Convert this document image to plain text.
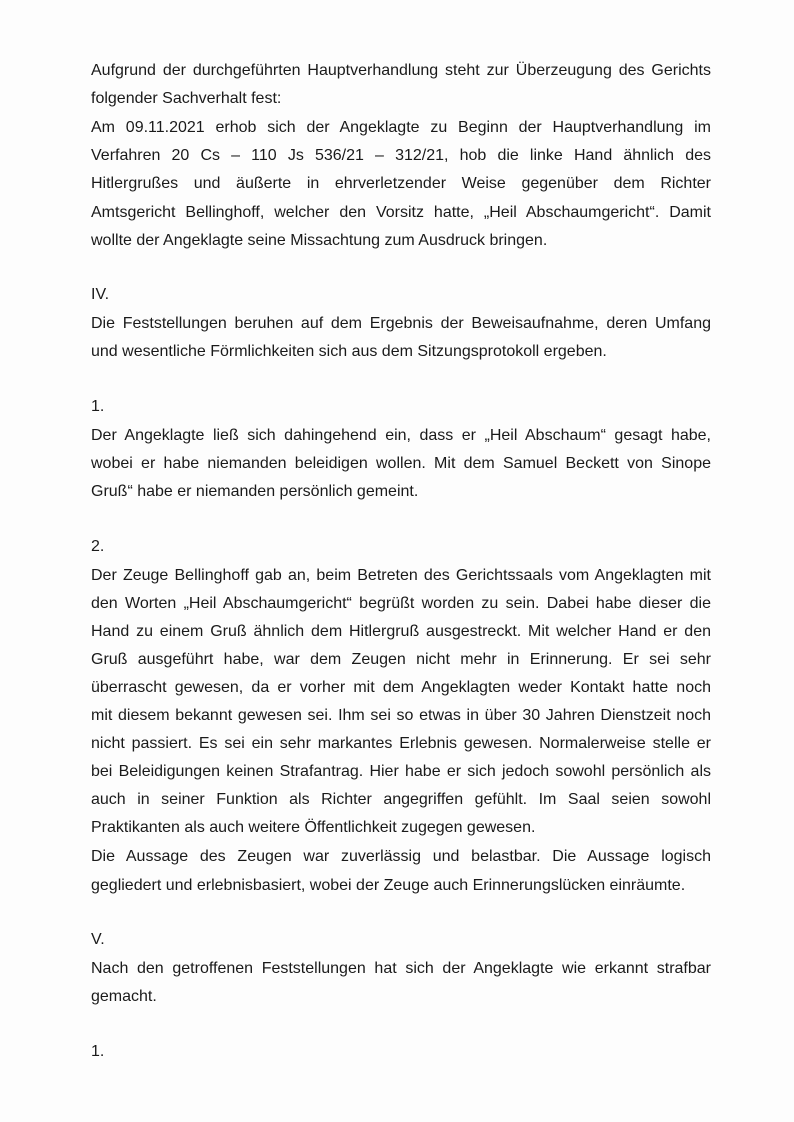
Aufgrund der durchgeführten Hauptverhandlung steht zur Überzeugung des Gerichts
folgender Sachverhalt fest:
Am 09.11.2021 erhob sich der Angeklagte zu Beginn der Hauptverhandlung im
Verfahren 20 Cs – 110 Js 536/21 – 312/21, hob die linke Hand ähnlich des
Hitlergrußes und äußerte in ehrverletzender Weise gegenüber dem Richter
Amtsgericht Bellinghoff, welcher den Vorsitz hatte, „Heil Abschaumgericht“. Damit
wollte der Angeklagte seine Missachtung zum Ausdruck bringen.
IV.
Die Feststellungen beruhen auf dem Ergebnis der Beweisaufnahme, deren Umfang
und wesentliche Förmlichkeiten sich aus dem Sitzungsprotokoll ergeben.
1.
Der Angeklagte ließ sich dahingehend ein, dass er „Heil Abschaum“ gesagt habe,
wobei er habe niemanden beleidigen wollen. Mit dem Samuel Beckett von Sinope
Gruß“ habe er niemanden persönlich gemeint.
2.
Der Zeuge Bellinghoff gab an, beim Betreten des Gerichtssaals vom Angeklagten mit
den Worten „Heil Abschaumgericht“ begrüßt worden zu sein. Dabei habe dieser die
Hand zu einem Gruß ähnlich dem Hitlergruß ausgestreckt. Mit welcher Hand er den
Gruß ausgeführt habe, war dem Zeugen nicht mehr in Erinnerung. Er sei sehr
überrascht gewesen, da er vorher mit dem Angeklagten weder Kontakt hatte noch
mit diesem bekannt gewesen sei. Ihm sei so etwas in über 30 Jahren Dienstzeit noch
nicht passiert. Es sei ein sehr markantes Erlebnis gewesen. Normalerweise stelle er
bei Beleidigungen keinen Strafantrag. Hier habe er sich jedoch sowohl persönlich als
auch in seiner Funktion als Richter angegriffen gefühlt. Im Saal seien sowohl
Praktikanten als auch weitere Öffentlichkeit zugegen gewesen.
Die Aussage des Zeugen war zuverlässig und belastbar. Die Aussage logisch
gegliedert und erlebnisbasiert, wobei der Zeuge auch Erinnerungslücken einräumte.
V.
Nach den getroffenen Feststellungen hat sich der Angeklagte wie erkannt strafbar
gemacht.
1.
